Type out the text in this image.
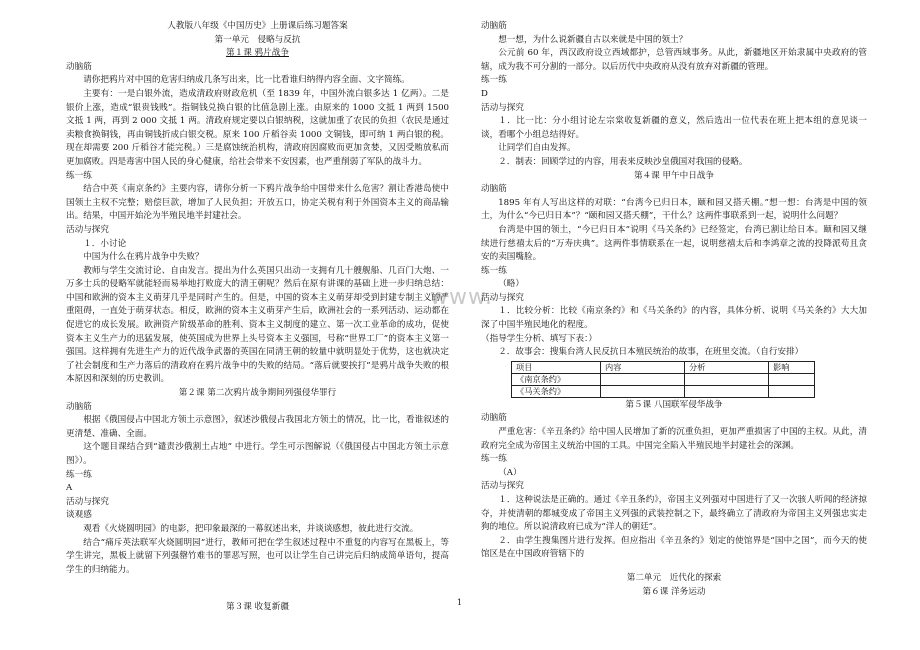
www.
人教版八年级《中国历史》上册课后练习题答案
第一单元　侵略与反抗
第１课 鸦片战争
动脑筋

请你把鸦片对中国的危害归纳成几条写出来，比一比看谁归纳得内容全面、文字简练。

主要有：一是白银外流，造成清政府财政危机（至 1839 年，中国外流白银多达 1 亿两）。二是银价上涨，造成“银贵钱贱”。指铜钱兑换白银的比值急剧上涨。由原来的 1000 文抵 1 两到 1500 文抵 1 两，再到 2 000 文抵 1 两。清政府规定要以白银纳税，这就加重了农民的负担（农民是通过卖粮食换铜钱，再由铜钱折成白银交税。原来 100 斤稻谷卖 1000 文铜钱，即可纳 1 两白银的税。现在却需要 200 斤稻谷才能完税。）三是腐蚀统治机构，清政府因腐败而更加贪婪，又因受贿放私而更加腐败。四是毒害中国人民的身心健康，给社会带来不安因素，也严重削弱了军队的战斗力。

练一练

结合中英《南京条约》主要内容，请你分析一下鸦片战争给中国带来什么危害？割让香港岛使中国领土主权不完整；赔偿巨款，增加了人民负担；开放五口，协定关税有利于外国资本主义的商品输出。结果，中国开始沦为半殖民地半封建社会。

活动与探究

１．小讨论

中国为什么在鸦片战争中失败？

教师与学生交流讨论、自由发言。提出为什么英国只出动一支拥有几十艘舰船、几百门大炮、一万多士兵的侵略军就能轻而易举地打败庞大的清王朝呢？然后在原有讲课的基础上进一步归纳总结：中国和欧洲的资本主义萌芽几乎是同时产生的。但是，中国的资本主义萌芽却受到封建专制主义的严重阻碍，一直处于萌芽状态。相反，欧洲的资本主义萌芽产生后，欧洲社会的一系列活动、运动都在促进它的成长发展。欧洲资产阶级革命的胜利、资本主义制度的建立、第一次工业革命的成功，促使资本主义生产力的迅猛发展，使英国成为世界上头号资本主义强国，号称“世界工厂”的资本主义第一强国。这样拥有先进生产力的近代战争武器的英国在同清王朝的较量中就明显处于优势，这也就决定了社会制度和生产力落后的清政府在鸦片战争中的失败的结局。“落后就要挨打”是鸦片战争失败的根本原因和深刻的历史教训。

第２课 第二次鸦片战争期间列强侵华罪行
动脑筋

根据《俄国侵占中国北方领土示意图》，叙述沙俄侵占我国北方领土的情况，比一比，看谁叙述的更清楚、准确、全面。

这个题目课结合到“谴责沙俄割土占地” 中进行。学生可示图解说（《俄国侵占中国北方领土示意图》）。

练一练
A
活动与探究
谈观感

观看《火烧圆明园》的电影，把印象最深的一幕叙述出来，并谈谈感想，彼此进行交流。

结合“痛斥英法联军火烧圆明园”进行，教师可把在学生叙述过程中不重复的内容写在黑板上，等学生讲完，黑板上就留下列强罄竹难书的罪恶写照，也可以让学生自己讲完后归纳成简单语句，提高学生的归纳能力。

第３课 收复新疆
动脑筋

想一想，为什么说新疆自古以来就是中国的领土？

公元前 60 年，西汉政府设立西域都护，总管西域事务。从此，新疆地区开始隶属中央政府的管辖，成为我不可分割的一部分。以后历代中央政府从没有放弃对新疆的管理。

练一练
D
活动与探究

１．比一比：分小组讨论左宗棠收复新疆的意义，然后选出一位代表在班上把本组的意见谈一谈，看哪个小组总结得好。

让同学们自由发挥。

２．制表：回顾学过的内容，用表来反映沙皇俄国对我国的侵略。

第４课 甲午中日战争
动脑筋

1895 年有人写出这样的对联：“台湾今已归日本，颐和园又搭夭棚。”想一想：台湾是中国的领土，为什么“今已归日本”？“颐和园又搭夭棚”，干什么？这两件事联系到一起，说明什么问题？

台湾是中国的领土，“今已归日本”说明《马关条约》已经签定，台湾已割让给日本。颐和园又继续进行慈禧太后的“万寿庆典”。这两件事情联系在一起，说明慈禧太后和李鸿章之流的投降派苟且贪安的卖国嘴脸。

练一练

（略）

活动与探究

１．比较分析：比较《南京条约》和《马关条约》的内容，具体分析、说明《马关条约》大大加深了中国半殖民地化的程度。

（指导学生分析、填写下表：）

２．故事会：搜集台湾人民反抗日本殖民统治的故事，在班里交流。（自行安排）

项目	内容	分析	影响
《南京条约》			
《马关条约》			
第５课 八国联军侵华战争
动脑筋

严重危害：《辛丑条约》给中国人民增加了新的沉重负担，更加严重损害了中国的主权。从此，清政府完全成为帝国主义统治中国的工具。中国完全陷入半殖民地半封建社会的深渊。

练一练

（A）

活动与探究

１．这种说法是正确的。通过《辛丑条约》，帝国主义列强对中国进行了又一次骇人听闻的经济掠夺，并使清朝的都城变成了帝国主义列强的武装控制之下，最终确立了清政府为帝国主义列强忠实走狗的地位。所以说清政府已成为“洋人的朝廷”。

２．由学生搜集图片进行发挥。但应指出《辛丑条约》划定的使馆界是“国中之国”，而今天的使馆区是在中国政府管辖下的

第二单元　近代化的探索
第６课 洋务运动
1
